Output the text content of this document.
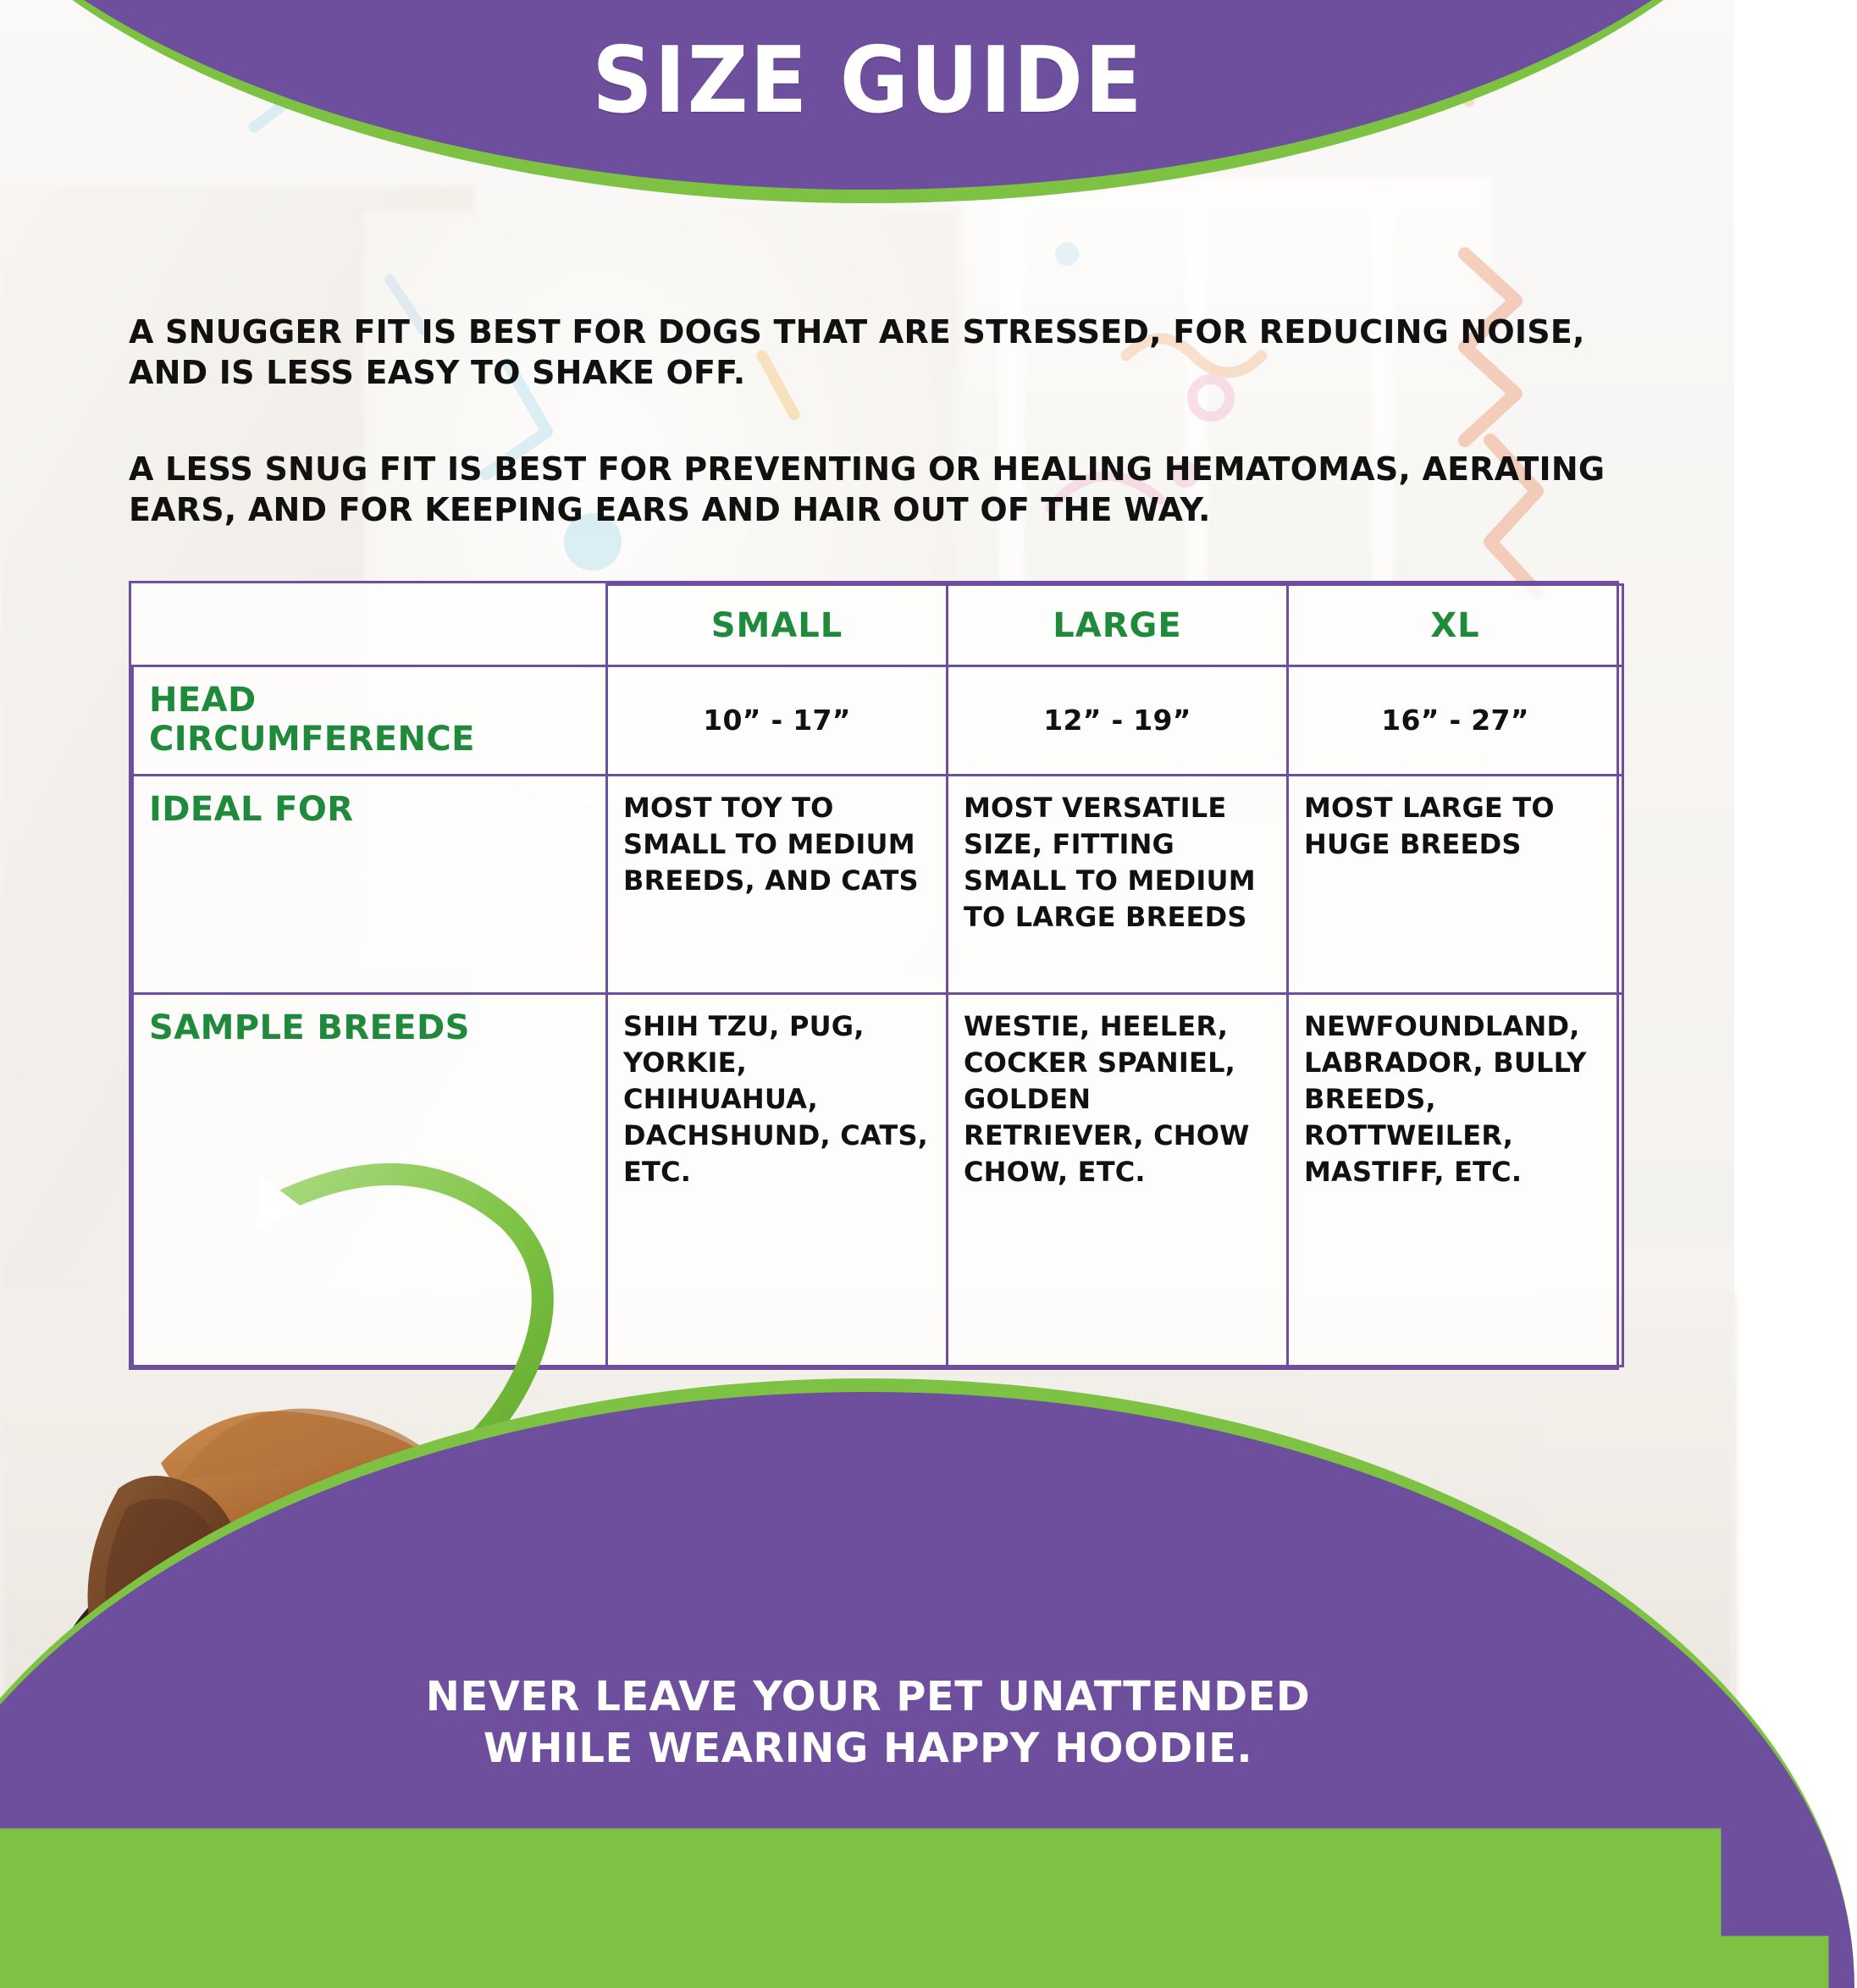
SIZE GUIDE
A SNUGGER FIT IS BEST FOR DOGS THAT ARE STRESSED, FOR REDUCING NOISE, AND IS LESS EASY TO SHAKE OFF.
A LESS SNUG FIT IS BEST FOR PREVENTING OR HEALING HEMATOMAS, AERATING EARS, AND FOR KEEPING EARS AND HAIR OUT OF THE WAY.
	SMALL	LARGE	XL
HEAD CIRCUMFERENCE	10” - 17”	12” - 19”	16” - 27”
IDEAL FOR	MOST TOY TO SMALL TO MEDIUM BREEDS, AND CATS	MOST VERSATILE SIZE, FITTING SMALL TO MEDIUM TO LARGE BREEDS	MOST LARGE TO HUGE BREEDS
SAMPLE BREEDS	SHIH TZU, PUG, YORKIE, CHIHUAHUA, DACHSHUND, CATS, ETC.	WESTIE, HEELER, COCKER SPANIEL, GOLDEN RETRIEVER, CHOW CHOW, ETC.	NEWFOUNDLAND, LABRADOR, BULLY BREEDS, ROTTWEILER, MASTIFF, ETC.
NEVER LEAVE YOUR PET UNATTENDED
WHILE WEARING HAPPY HOODIE.
